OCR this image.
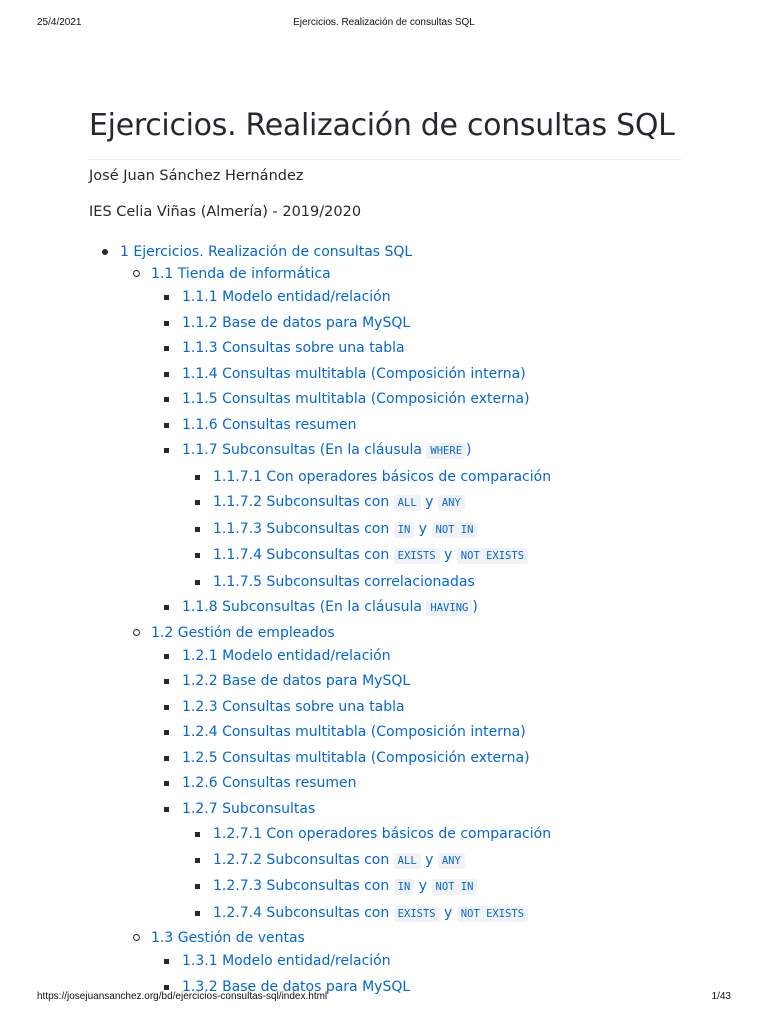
25/4/2021	Ejercicios. Realización de consultas SQL
Ejercicios. Realización de consultas SQL

José Juan Sánchez Hernández

IES Celia Viñas (Almería) - 2019/2020

1 Ejercicios. Realización de consultas SQL
1.1 Tienda de informática
1.1.1 Modelo entidad/relación
1.1.2 Base de datos para MySQL
1.1.3 Consultas sobre una tabla
1.1.4 Consultas multitabla (Composición interna)
1.1.5 Consultas multitabla (Composición externa)
1.1.6 Consultas resumen
1.1.7 Subconsultas (En la cláusula WHERE )
1.1.7.1 Con operadores básicos de comparación
1.1.7.2 Subconsultas con ALL y ANY
1.1.7.3 Subconsultas con IN y NOT IN
1.1.7.4 Subconsultas con EXISTS y NOT EXISTS
1.1.7.5 Subconsultas correlacionadas
1.1.8 Subconsultas (En la cláusula HAVING )
1.2 Gestión de empleados
1.2.1 Modelo entidad/relación
1.2.2 Base de datos para MySQL
1.2.3 Consultas sobre una tabla
1.2.4 Consultas multitabla (Composición interna)
1.2.5 Consultas multitabla (Composición externa)
1.2.6 Consultas resumen
1.2.7 Subconsultas
1.2.7.1 Con operadores básicos de comparación
1.2.7.2 Subconsultas con ALL y ANY
1.2.7.3 Subconsultas con IN y NOT IN
1.2.7.4 Subconsultas con EXISTS y NOT EXISTS
1.3 Gestión de ventas
1.3.1 Modelo entidad/relación
1.3.2 Base de datos para MySQL
https://josejuansanchez.org/bd/ejercicios-consultas-sql/index.html	1/43
